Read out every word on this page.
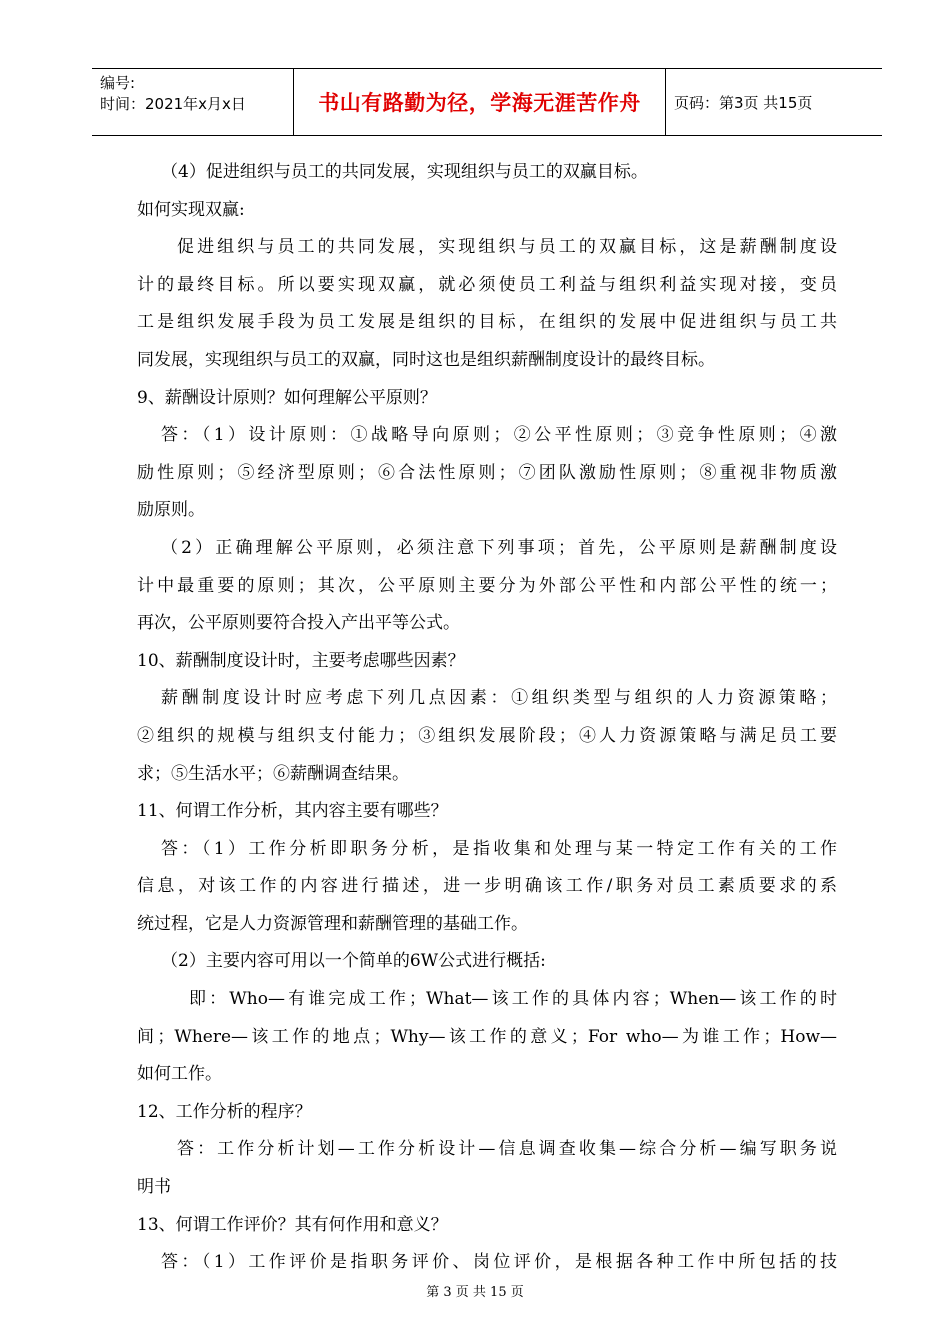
编号:
时间：2021年x月x日	书山有路勤为径，学海无涯苦作舟 页码：第3页 共15页
（4）促进组织与员工的共同发展，实现组织与员工的双赢目标。
如何实现双赢:
促进组织与员工的共同发展，实现组织与员工的双赢目标，这是薪酬制度设
计的最终目标。所以要实现双赢，就必须使员工利益与组织利益实现对接，变员
工是组织发展手段为员工发展是组织的目标，在组织的发展中促进组织与员工共
同发展，实现组织与员工的双赢，同时这也是组织薪酬制度设计的最终目标。
9、薪酬设计原则？如何理解公平原则？
答：（1）设计原则：①战略导向原则；②公平性原则；③竞争性原则；④激
励性原则；⑤经济型原则；⑥合法性原则；⑦团队激励性原则；⑧重视非物质激
励原则。
（2）正确理解公平原则，必须注意下列事项；首先，公平原则是薪酬制度设
计中最重要的原则；其次，公平原则主要分为外部公平性和内部公平性的统一；
再次，公平原则要符合投入产出平等公式。
10、薪酬制度设计时，主要考虑哪些因素？
薪酬制度设计时应考虑下列几点因素：①组织类型与组织的人力资源策略；
②组织的规模与组织支付能力；③组织发展阶段；④人力资源策略与满足员工要
求；⑤生活水平；⑥薪酬调查结果。
11、何谓工作分析，其内容主要有哪些？
答：（1）工作分析即职务分析，是指收集和处理与某一特定工作有关的工作
信息，对该工作的内容进行描述，进一步明确该工作/职务对员工素质要求的系
统过程，它是人力资源管理和薪酬管理的基础工作。
（2）主要内容可用以一个简单的6W公式进行概括:
即：Who—有谁完成工作；What—该工作的具体内容；When—该工作的时
间；Where—该工作的地点；Why—该工作的意义；For who—为谁工作；How—
如何工作。
12、工作分析的程序？
答：工作分析计划—工作分析设计—信息调查收集—综合分析—编写职务说
明书
13、何谓工作评价？其有何作用和意义？
答：（1）工作评价是指职务评价、岗位评价，是根据各种工作中所包括的技
第 3 页 共 15 页
